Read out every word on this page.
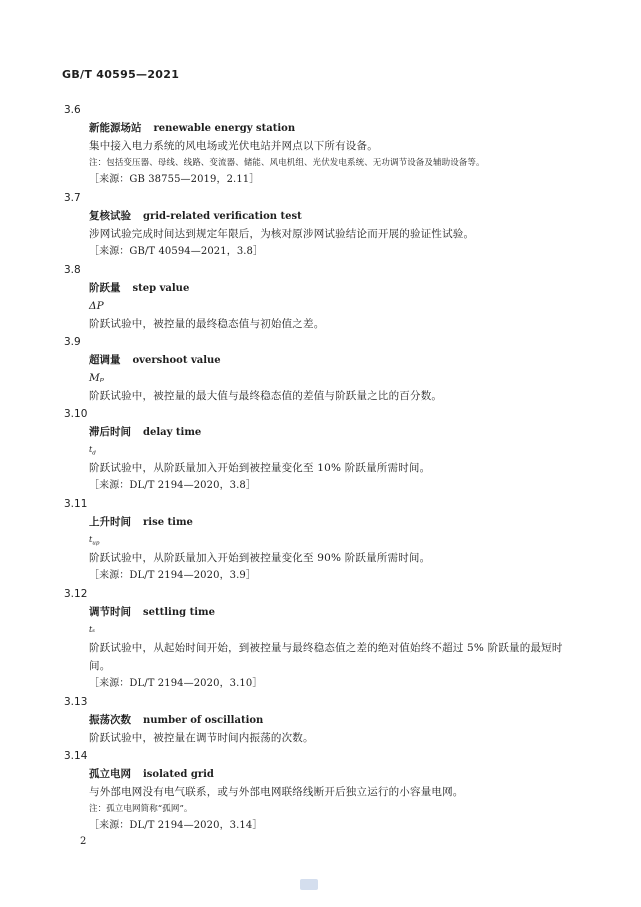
GB/T 40595—2021
3.6
新能源场站 renewable energy station
集中接入电力系统的风电场或光伏电站并网点以下所有设备。
注：包括变压器、母线、线路、变流器、储能、风电机组、光伏发电系统、无功调节设备及辅助设备等。
［来源：GB 38755—2019，2.11］
3.7
复核试验 grid-related verification test
涉网试验完成时间达到规定年限后，为核对原涉网试验结论而开展的验证性试验。
［来源：GB/T 40594—2021，3.8］
3.8
阶跃量 step value
ΔP
阶跃试验中，被控量的最终稳态值与初始值之差。
3.9
超调量 overshoot value
Mₚ
阶跃试验中，被控量的最大值与最终稳态值的差值与阶跃量之比的百分数。
3.10
滞后时间 delay time
$t_d$
阶跃试验中，从阶跃量加入开始到被控量变化至 10% 阶跃量所需时间。
［来源：DL/T 2194—2020，3.8］
3.11
上升时间 rise time
$t_{up}$
阶跃试验中，从阶跃量加入开始到被控量变化至 90% 阶跃量所需时间。
［来源：DL/T 2194—2020，3.9］
3.12
调节时间 settling time
tₛ
阶跃试验中，从起始时间开始，到被控量与最终稳态值之差的绝对值始终不超过 5% 阶跃量的最短时间。
［来源：DL/T 2194—2020，3.10］
3.13
振荡次数 number of oscillation
阶跃试验中，被控量在调节时间内振荡的次数。
3.14
孤立电网 isolated grid
与外部电网没有电气联系，或与外部电网联络线断开后独立运行的小容量电网。
注：孤立电网简称“孤网”。
［来源：DL/T 2194—2020，3.14］
2
